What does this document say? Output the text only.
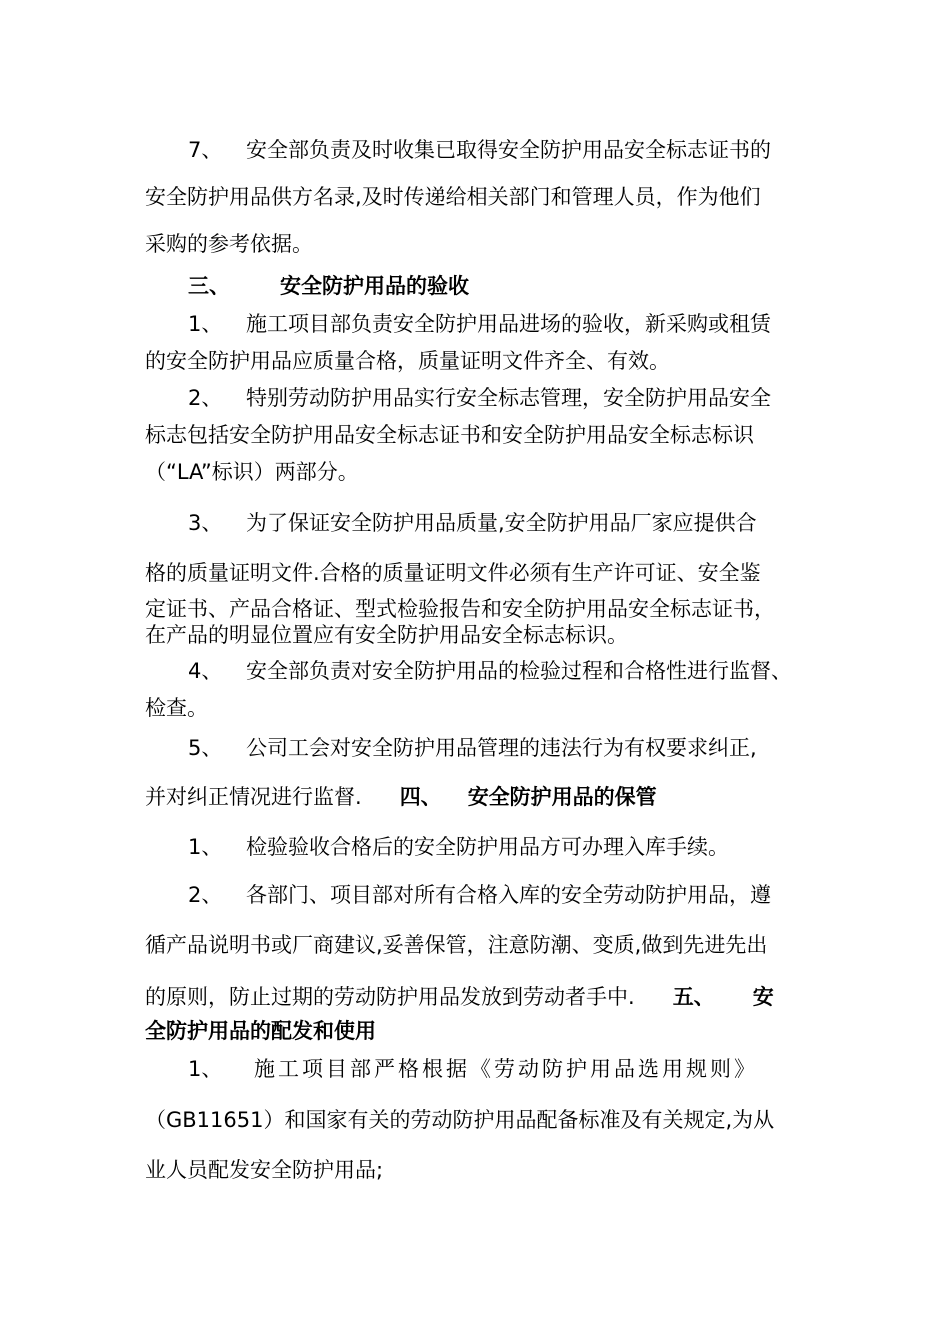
7、 安全部负责及时收集已取得安全防护用品安全标志证书的
安全防护用品供方名录,及时传递给相关部门和管理人员，作为他们
采购的参考依据。
三、 安全防护用品的验收
1、 施工项目部负责安全防护用品进场的验收，新采购或租赁
的安全防护用品应质量合格，质量证明文件齐全、有效。
2、 特别劳动防护用品实行安全标志管理，安全防护用品安全
标志包括安全防护用品安全标志证书和安全防护用品安全标志标识
（“LA”标识）两部分。
3、 为了保证安全防护用品质量,安全防护用品厂家应提供合
格的质量证明文件.合格的质量证明文件必须有生产许可证、安全鉴
定证书、产品合格证、型式检验报告和安全防护用品安全标志证书，
在产品的明显位置应有安全防护用品安全标志标识。
4、 安全部负责对安全防护用品的检验过程和合格性进行监督、
检查。
5、 公司工会对安全防护用品管理的违法行为有权要求纠正,
并对纠正情况进行监督. 四、 安全防护用品的保管
1、 检验验收合格后的安全防护用品方可办理入库手续。
2、 各部门、项目部对所有合格入库的安全劳动防护用品，遵
循产品说明书或厂商建议,妥善保管，注意防潮、变质,做到先进先出
的原则，防止过期的劳动防护用品发放到劳动者手中. 五、 安
全防护用品的配发和使用
1、 施工项目部严格根据《劳动防护用品选用规则》
（GB11651）和国家有关的劳动防护用品配备标准及有关规定,为从
业人员配发安全防护用品;
